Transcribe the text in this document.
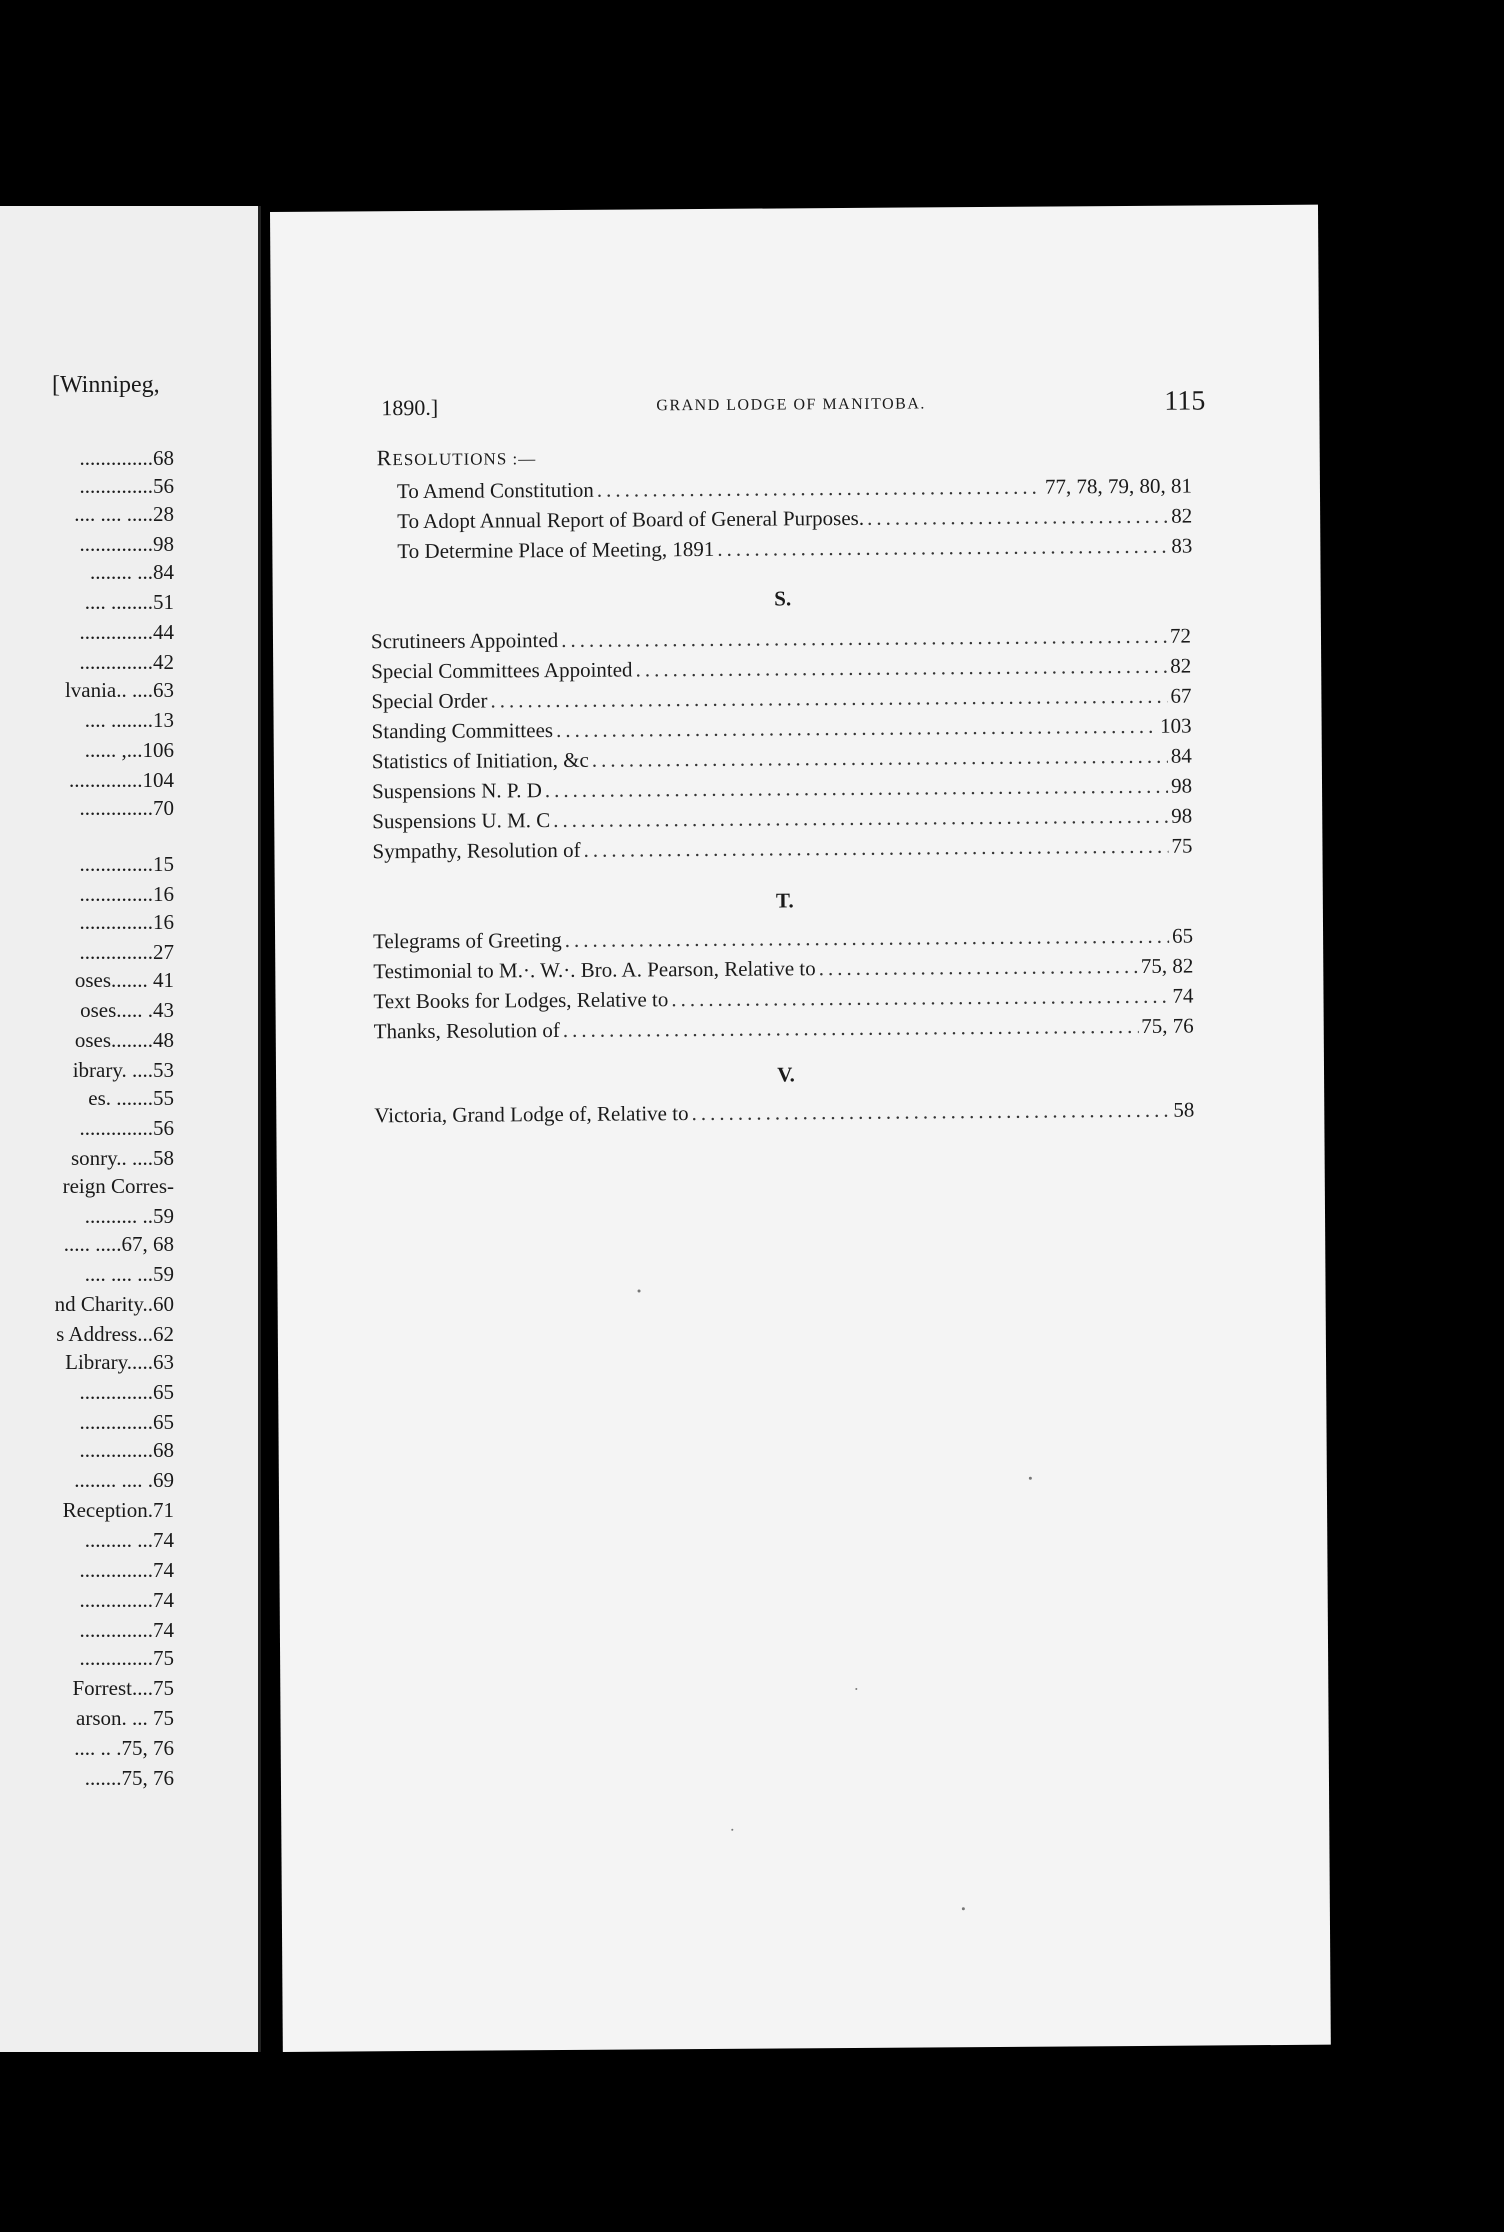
[Winnipeg,
..............68
..............56
.... .... .....28
..............98
........ ...84
.... ........51
..............44
..............42
lvania.. ....63
.... ........13
...... ,...106
..............104
..............70
..............15
..............16
..............16
..............27
oses....... 41
oses..... .43
oses........48
ibrary. ....53
es. .......55
..............56
sonry.. ....58
reign Corres-
.......... ..59
..... .....67, 68
.... .... ...59
nd Charity..60
s Address...62
Library.....63
..............65
..............65
..............68
........ .... .69
Reception.71
......... ...74
..............74
..............74
..............74
..............75
Forrest....75
arson. ... 75
.... .. .75, 76
.......75, 76
1890.]	GRAND LODGE OF MANITOBA.	115
RESOLUTIONS :—
To Amend Constitution .....	77, 78, 79, 80, 81
To Adopt Annual Report of Board of General Purposes. .....	82
To Determine Place of Meeting, 1891 .....	83
S.
Scrutineers Appointed .....	72
Special Committees Appointed .....	82
Special Order .....	67
Standing Committees .....	103
Statistics of Initiation, &c .....	84
Suspensions N. P. D .....	98
Suspensions U. M. C .....	98
Sympathy, Resolution of .....	75
T.
Telegrams of Greeting .....	65
Testimonial to M.·. W.·. Bro. A. Pearson, Relative to .....	75, 82
Text Books for Lodges, Relative to .....	74
Thanks, Resolution of .....	75, 76
V.
Victoria, Grand Lodge of, Relative to .....	58
